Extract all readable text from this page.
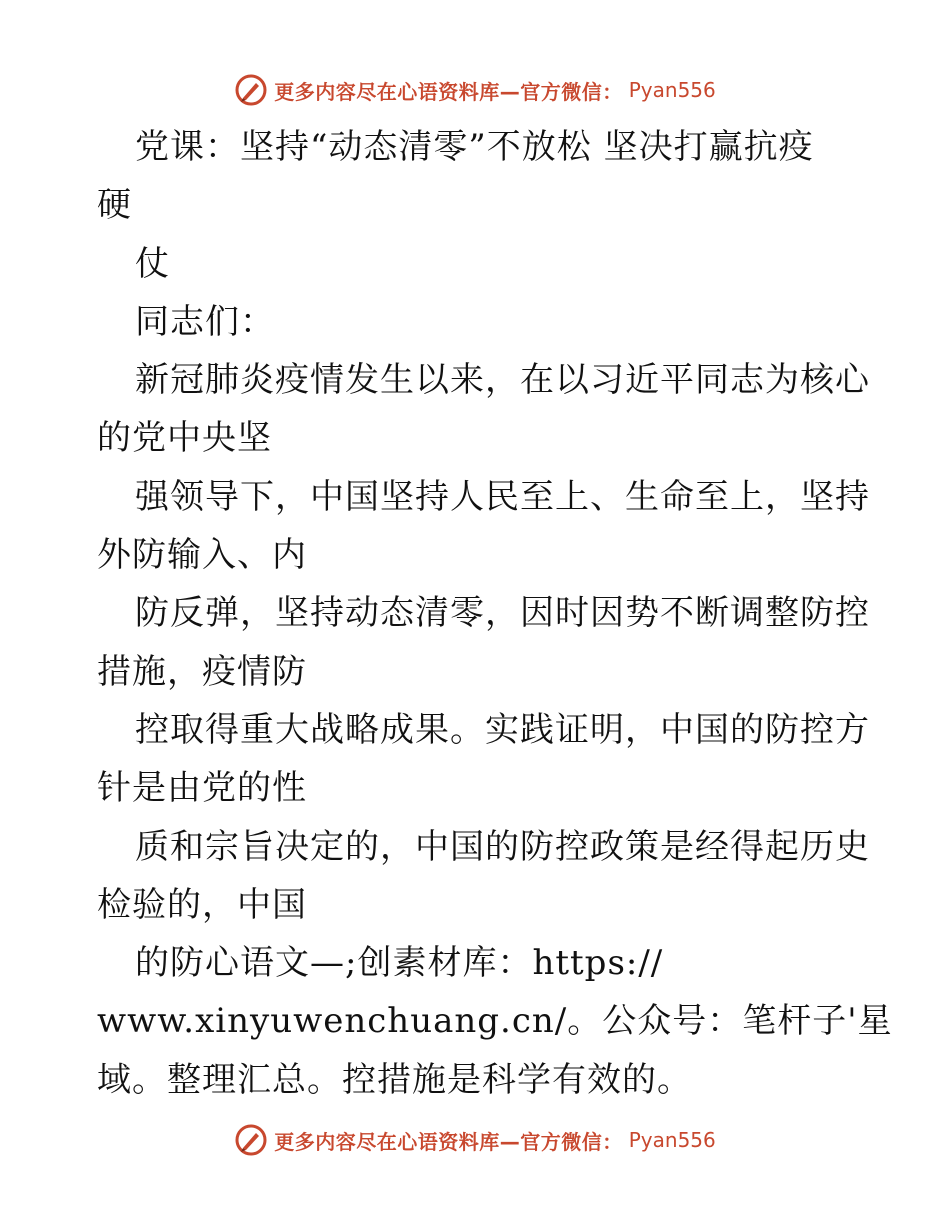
更多内容尽在心语资料库—官方微信： Pyan556
党课：坚持“动态清零”不放松 坚决打赢抗疫
硬
仗
同志们：
新冠肺炎疫情发生以来，在以习近平同志为核心
的党中央坚
强领导下，中国坚持人民至上、生命至上，坚持
外防输入、内
防反弹，坚持动态清零，因时因势不断调整防控
措施，疫情防
控取得重大战略成果。实践证明，中国的防控方
针是由党的性
质和宗旨决定的，中国的防控政策是经得起历史
检验的，中国
的防心语文—;创素材库：https://
www.xinyuwenchuang.cn/。公众号：笔杆子'星
域。整理汇总。控措施是科学有效的。
更多内容尽在心语资料库—官方微信： Pyan556
